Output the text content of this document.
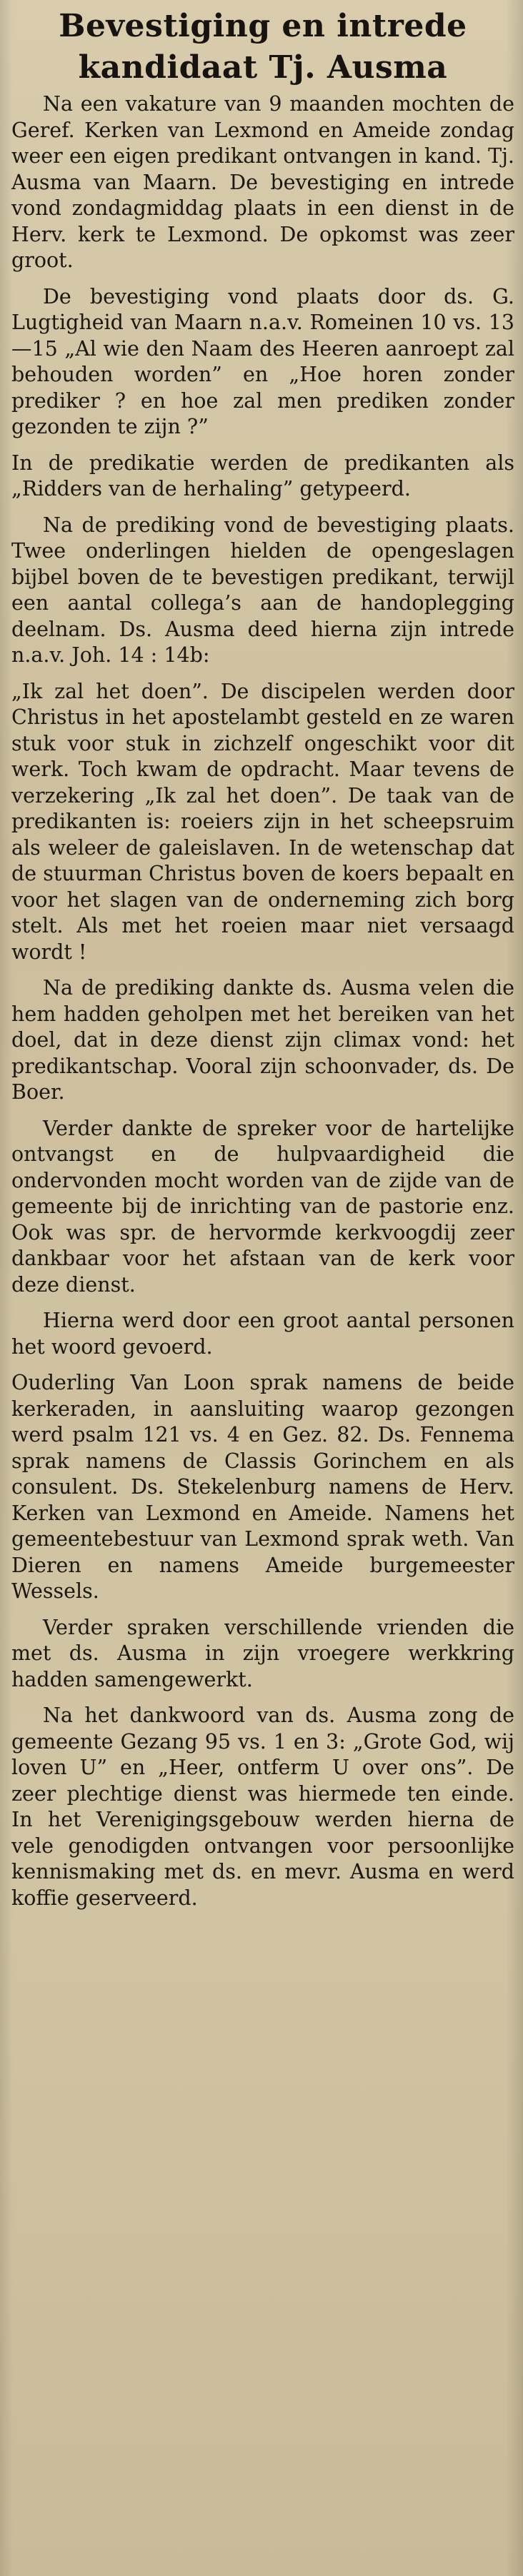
Bevestiging en intrede
kandidaat Tj. Ausma

Na een vakature van 9 maanden mochten de Geref. Kerken van Lexmond en Ameide zondag weer een eigen predikant ontvangen in kand. Tj. Ausma van Maarn. De bevestiging en intrede vond zondagmiddag plaats in een dienst in de Herv. kerk te Lexmond. De opkomst was zeer groot.

De bevestiging vond plaats door ds. G. Lugtigheid van Maarn n.a.v. Romeinen 10 vs. 13—15 „Al wie den Naam des Heeren aanroept zal behouden worden” en „Hoe horen zonder prediker ? en hoe zal men prediken zonder gezonden te zijn ?”

In de predikatie werden de predikanten als „Ridders van de herhaling” getypeerd.

Na de prediking vond de bevestiging plaats. Twee onderlingen hielden de opengeslagen bijbel boven de te bevestigen predikant, terwijl een aantal collega’s aan de handoplegging deelnam. Ds. Ausma deed hierna zijn intrede n.a.v. Joh. 14 : 14b:

„Ik zal het doen”. De discipelen werden door Christus in het apostelambt gesteld en ze waren stuk voor stuk in zichzelf ongeschikt voor dit werk. Toch kwam de opdracht. Maar tevens de verzekering „Ik zal het doen”. De taak van de predikanten is: roeiers zijn in het scheepsruim als weleer de galeislaven. In de wetenschap dat de stuurman Christus boven de koers bepaalt en voor het slagen van de onderneming zich borg stelt. Als met het roeien maar niet versaagd wordt !

Na de prediking dankte ds. Ausma velen die hem hadden geholpen met het bereiken van het doel, dat in deze dienst zijn climax vond: het predikantschap. Vooral zijn schoonvader, ds. De Boer.

Verder dankte de spreker voor de hartelijke ontvangst en de hulpvaardigheid die ondervonden mocht worden van de zijde van de gemeente bij de inrichting van de pastorie enz. Ook was spr. de hervormde kerkvoogdij zeer dankbaar voor het afstaan van de kerk voor deze dienst.

Hierna werd door een groot aantal personen het woord gevoerd.

Ouderling Van Loon sprak namens de beide kerkeraden, in aansluiting waarop gezongen werd psalm 121 vs. 4 en Gez. 82. Ds. Fennema sprak namens de Classis Gorinchem en als consulent. Ds. Stekelenburg namens de Herv. Kerken van Lexmond en Ameide. Namens het gemeentebestuur van Lexmond sprak weth. Van Dieren en namens Ameide burgemeester Wessels.

Verder spraken verschillende vrienden die met ds. Ausma in zijn vroegere werkkring hadden samengewerkt.

Na het dankwoord van ds. Ausma zong de gemeente Gezang 95 vs. 1 en 3: „Grote God, wij loven U” en „Heer, ontferm U over ons”. De zeer plechtige dienst was hiermede ten einde. In het Verenigingsgebouw werden hierna de vele genodigden ontvangen voor persoonlijke kennismaking met ds. en mevr. Ausma en werd koffie geserveerd.
